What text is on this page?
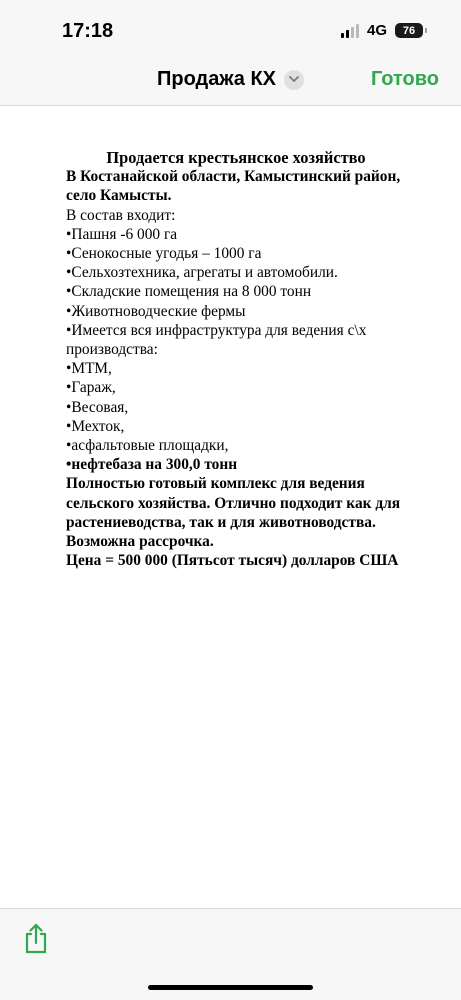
17:18	4G 76
Продажа КХ	Готово
Продается крестьянское хозяйство
В Костанайской области, Камыстинский район, село Камысты.
В состав входит:
•Пашня -6 000 га
•Сенокосные угодья – 1000 га
•Сельхозтехника, агрегаты и автомобили.
•Складские помещения на 8 000 тонн
•Животноводческие фермы
•Имеется вся инфраструктура для ведения с\х производства:
•МТМ,
•Гараж,
•Весовая,
•Мехток,
•асфальтовые площадки,
•нефтебаза на 300,0 тонн
Полностью готовый комплекс для ведения сельского хозяйства. Отлично подходит как для растениеводства, так и для животноводства.
Возможна рассрочка.
Цена = 500 000 (Пятьсот тысяч) долларов США
